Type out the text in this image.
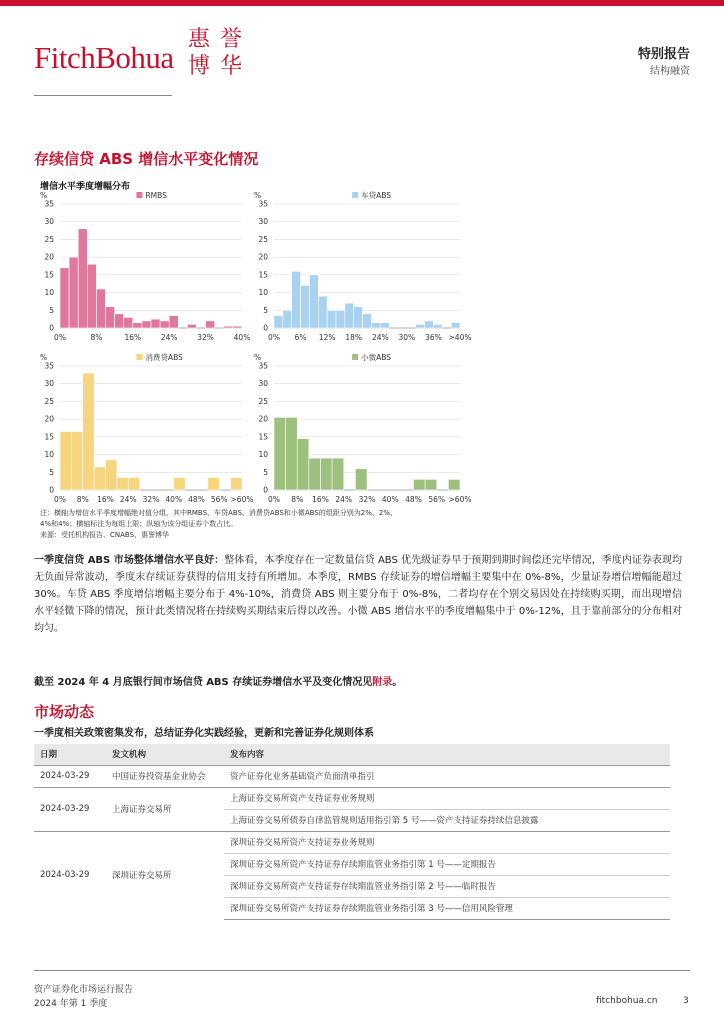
FitchBohua
惠 誉
博 华	特别报告
结构融资
存续信贷 ABS 增信水平变化情况
增信水平季度增幅分布
0
5
10
15
20
25
30
35
%
0%	8%	16%	24%	32%	40%
RMBS
0
5
10
15
20
25
30
35
%
0% 6% 12% 18% 24% 30% 36% >40%
车贷ABS
0
5
10
15
20
25
30
35
%
0% 8% 16% 24% 32% 40% 48% 56% >60%
消费贷ABS
0
5
10
15
20
25
30
35
%
0% 8% 16% 24% 32% 40% 48% 56% >60%
小微ABS
注：横轴为增信水平季度增幅绝对值分组，其中RMBS、车贷ABS、消费贷ABS和小微ABS的组距分别为2%、2%、
4%和4%；横轴标注为每组上限；纵轴为该分组证券个数占比。
来源：受托机构报告、CNABS、惠誉博华
一季度信贷 ABS 市场整体增信水平良好：整体看，本季度存在一定数量信贷 ABS 优先级证券早于预期到期时间偿还完毕情况，季度内证券表现均无负面异常波动，季度末存续证券获得的信用支持有所增加。本季度，RMBS 存续证券的增信增幅主要集中在 0%-8%，少量证券增信增幅能超过 30%。车贷 ABS 季度增信增幅主要分布于 4%-10%，消费贷 ABS 则主要分布于 0%-8%，二者均存在个别交易因处在持续购买期，而出现增信水平轻微下降的情况，预计此类情况将在持续购买期结束后得以改善。小微 ABS 增信水平的季度增幅集中于 0%-12%，且于靠前部分的分布相对均匀。
截至 2024 年 4 月底银行间市场信贷 ABS 存续证券增信水平及变化情况见附录。
市场动态
一季度相关政策密集发布，总结证券化实践经验，更新和完善证券化规则体系
日期	发文机构	发布内容
2024-03-29	中国证券投资基金业协会	资产证券化业务基础资产负面清单指引
2024-03-29	上海证券交易所	上海证券交易所资产支持证券业务规则
		上海证券交易所债券自律监管规则适用指引第 5 号——资产支持证券持续信息披露
2024-03-29	深圳证券交易所	深圳证券交易所资产支持证券业务规则
		深圳证券交易所资产支持证券存续期监管业务指引第 1 号——定期报告
		深圳证券交易所资产支持证券存续期监管业务指引第 2 号——临时报告
		深圳证券交易所资产支持证券存续期监管业务指引第 3 号——信用风险管理
资产证券化市场运行报告
2024 年第 1 季度	fitchbohua.cn	3
